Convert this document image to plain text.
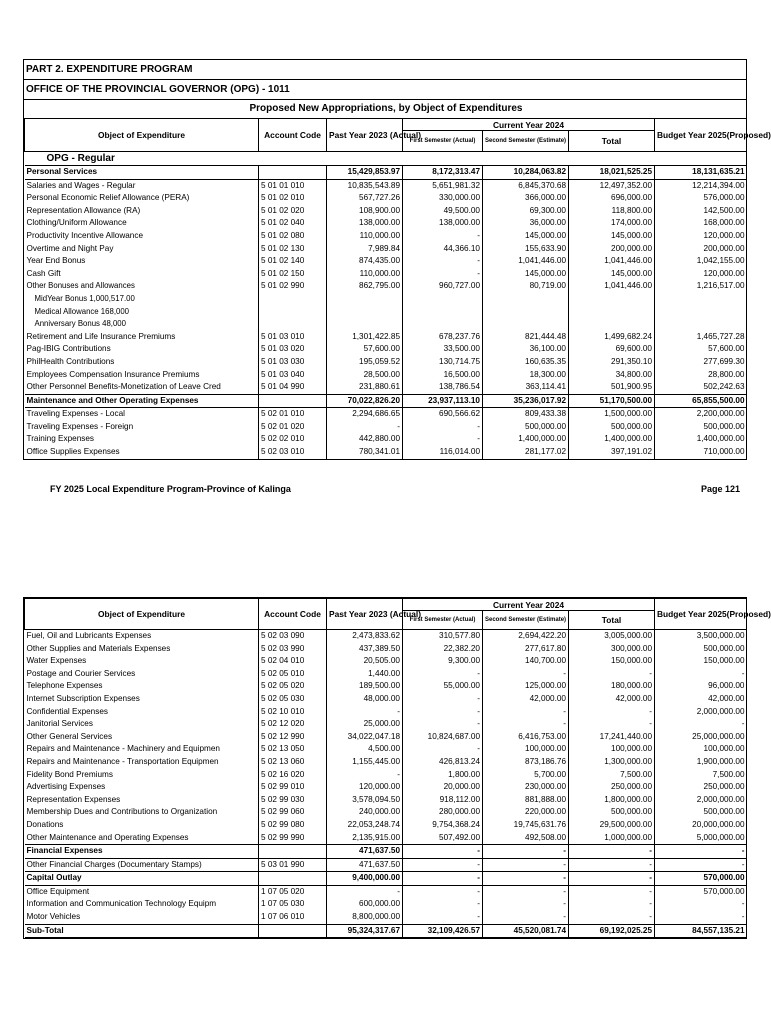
PART 2. EXPENDITURE PROGRAM
OFFICE OF THE PROVINCIAL GOVERNOR (OPG) - 1011
Proposed New Appropriations, by Object of Expenditures
Object of Expenditure	Account Code	Past Year 2023 (Actual)	Current Year 2024			Budget Year 2025(Proposed)
			First Semester (Actual)	Second Semester (Estimate)	Total	
OPG - Regular						
Personal Services		15,429,853.97	8,172,313.47	10,284,063.82	18,021,525.25	18,131,635.21
Salaries and Wages - Regular	5 01 01 010	10,835,543.89	5,651,981.32	6,845,370.68	12,497,352.00	12,214,394.00
Personal Economic Relief Allowance (PERA)	5 01 02 010	567,727.26	330,000.00	366,000.00	696,000.00	576,000.00
Representation Allowance (RA)	5 01 02 020	108,900.00	49,500.00	69,300.00	118,800.00	142,500.00
Clothing/Uniform Allowance	5 01 02 040	138,000.00	138,000.00	36,000.00	174,000.00	168,000.00
Productivity Incentive Allowance	5 01 02 080	110,000.00	-	145,000.00	145,000.00	120,000.00
Overtime and Night Pay	5 01 02 130	7,989.84	44,366.10	155,633.90	200,000.00	200,000.00
Year End Bonus	5 01 02 140	874,435.00	-	1,041,446.00	1,041,446.00	1,042,155.00
Cash Gift	5 01 02 150	110,000.00	-	145,000.00	145,000.00	120,000.00
Other Bonuses and Allowances	5 01 02 990	862,795.00	960,727.00	80,719.00	1,041,446.00	1,216,517.00
MidYear Bonus 1,000,517.00						
Medical Allowance 168,000						
Anniversary Bonus 48,000						
Retirement and Life Insurance Premiums	5 01 03 010	1,301,422.85	678,237.76	821,444.48	1,499,682.24	1,465,727.28
Pag-IBIG Contributions	5 01 03 020	57,600.00	33,500.00	36,100.00	69,600.00	57,600.00
PhilHealth Contributions	5 01 03 030	195,059.52	130,714.75	160,635.35	291,350.10	277,699.30
Employees Compensation Insurance Premiums	5 01 03 040	28,500.00	16,500.00	18,300.00	34,800.00	28,800.00
Other Personnel Benefits-Monetization of Leave Cred	5 01 04 990	231,880.61	138,786.54	363,114.41	501,900.95	502,242.63
Maintenance and Other Operating Expenses		70,022,826.20	23,937,113.10	35,236,017.92	51,170,500.00	65,855,500.00
Traveling Expenses - Local	5 02 01 010	2,294,686.65	690,566.62	809,433.38	1,500,000.00	2,200,000.00
Traveling Expenses - Foreign	5 02 01 020	-	-	500,000.00	500,000.00	500,000.00
Training Expenses	5 02 02 010	442,880.00	-	1,400,000.00	1,400,000.00	1,400,000.00
Office Supplies Expenses	5 02 03 010	780,341.01	116,014.00	281,177.02	397,191.02	710,000.00
FY 2025 Local Expenditure Program-Province of Kalinga	Page 121
Object of Expenditure	Account Code	Past Year 2023 (Actual)	Current Year 2024			Budget Year 2025(Proposed)
			First Semester (Actual)	Second Semester (Estimate)	Total	
Fuel, Oil and Lubricants Expenses	5 02 03 090	2,473,833.62	310,577.80	2,694,422.20	3,005,000.00	3,500,000.00
Other Supplies and Materials Expenses	5 02 03 990	437,389.50	22,382.20	277,617.80	300,000.00	500,000.00
Water Expenses	5 02 04 010	20,505.00	9,300.00	140,700.00	150,000.00	150,000.00
Postage and Courier Services	5 02 05 010	1,440.00	-	-	-	-
Telephone Expenses	5 02 05 020	189,500.00	55,000.00	125,000.00	180,000.00	96,000.00
Internet Subscription Expenses	5 02 05 030	48,000.00	-	42,000.00	42,000.00	42,000.00
Confidential Expenses	5 02 10 010	-	-	-	-	2,000,000.00
Janitorial Services	5 02 12 020	25,000.00	-	-	-	-
Other General Services	5 02 12 990	34,022,047.18	10,824,687.00	6,416,753.00	17,241,440.00	25,000,000.00
Repairs and Maintenance - Machinery and Equipmen	5 02 13 050	4,500.00	-	100,000.00	100,000.00	100,000.00
Repairs and Maintenance - Transportation Equipmen	5 02 13 060	1,155,445.00	426,813.24	873,186.76	1,300,000.00	1,900,000.00
Fidelity Bond Premiums	5 02 16 020	-	1,800.00	5,700.00	7,500.00	7,500.00
Advertising Expenses	5 02 99 010	120,000.00	20,000.00	230,000.00	250,000.00	250,000.00
Representation Expenses	5 02 99 030	3,578,094.50	918,112.00	881,888.00	1,800,000.00	2,000,000.00
Membership Dues and Contributions to Organization	5 02 99 060	240,000.00	280,000.00	220,000.00	500,000.00	500,000.00
Donations	5 02 99 080	22,053,248.74	9,754,368.24	19,745,631.76	29,500,000.00	20,000,000.00
Other Maintenance and Operating Expenses	5 02 99 990	2,135,915.00	507,492.00	492,508.00	1,000,000.00	5,000,000.00
Financial Expenses		471,637.50	-	-	-	-
Other Financial Charges (Documentary Stamps)	5 03 01 990	471,637.50	-	-	-	-
Capital Outlay		9,400,000.00	-	-	-	570,000.00
Office Equipment	1 07 05 020	-	-	-	-	570,000.00
Information and Communication Technology Equipm	1 07 05 030	600,000.00	-	-	-	-
Motor Vehicles	1 07 06 010	8,800,000.00	-	-	-	-
Sub-Total		95,324,317.67	32,109,426.57	45,520,081.74	69,192,025.25	84,557,135.21
